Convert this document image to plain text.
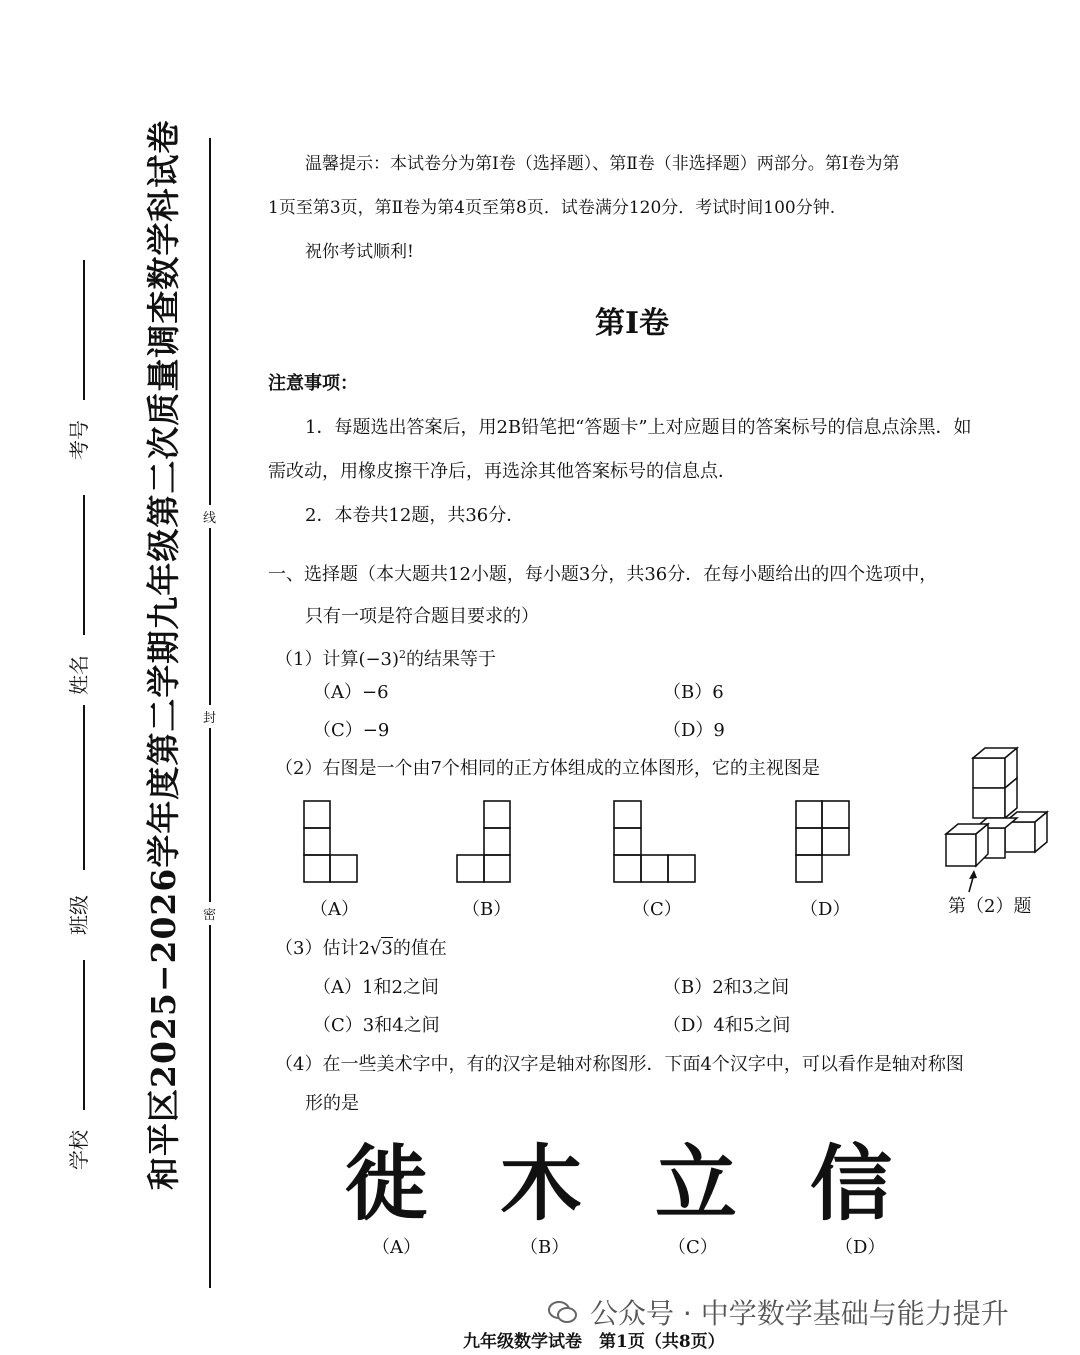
和平区2025−2026学年度第二学期九年级第二次质量调查数学科试卷
学校
班级
姓名
考号
线
封
密
温馨提示：本试卷分为第Ⅰ卷（选择题）、第Ⅱ卷（非选择题）两部分。第Ⅰ卷为第
1页至第3页，第Ⅱ卷为第4页至第8页．试卷满分120分．考试时间100分钟.
祝你考试顺利!
第Ⅰ卷
注意事项：
1．每题选出答案后，用2B铅笔把“答题卡”上对应题目的答案标号的信息点涂黑．如
需改动，用橡皮擦干净后，再选涂其他答案标号的信息点．
2．本卷共12题，共36分．
一、选择题（本大题共12小题，每小题3分，共36分．在每小题给出的四个选项中，
只有一项是符合题目要求的）
（1）计算$(-3)^2$的结果等于
（A）−6	（B）6
（C）−9	（D）9
（2）右图是一个由7个相同的正方体组成的立体图形，它的主视图是
（A）	（B）	（C）	（D）	第（2）题
（3）估计2√3的值在
（A）1和2之间	（B）2和3之间
（C）3和4之间	（D）4和5之间
（4）在一些美术字中，有的汉字是轴对称图形．下面4个汉字中，可以看作是轴对称图
形的是
徙 木 立 信
（A）	（B）	（C）	（D）
公众号 · 中学数学基础与能力提升
九年级数学试卷　第1页（共8页）
